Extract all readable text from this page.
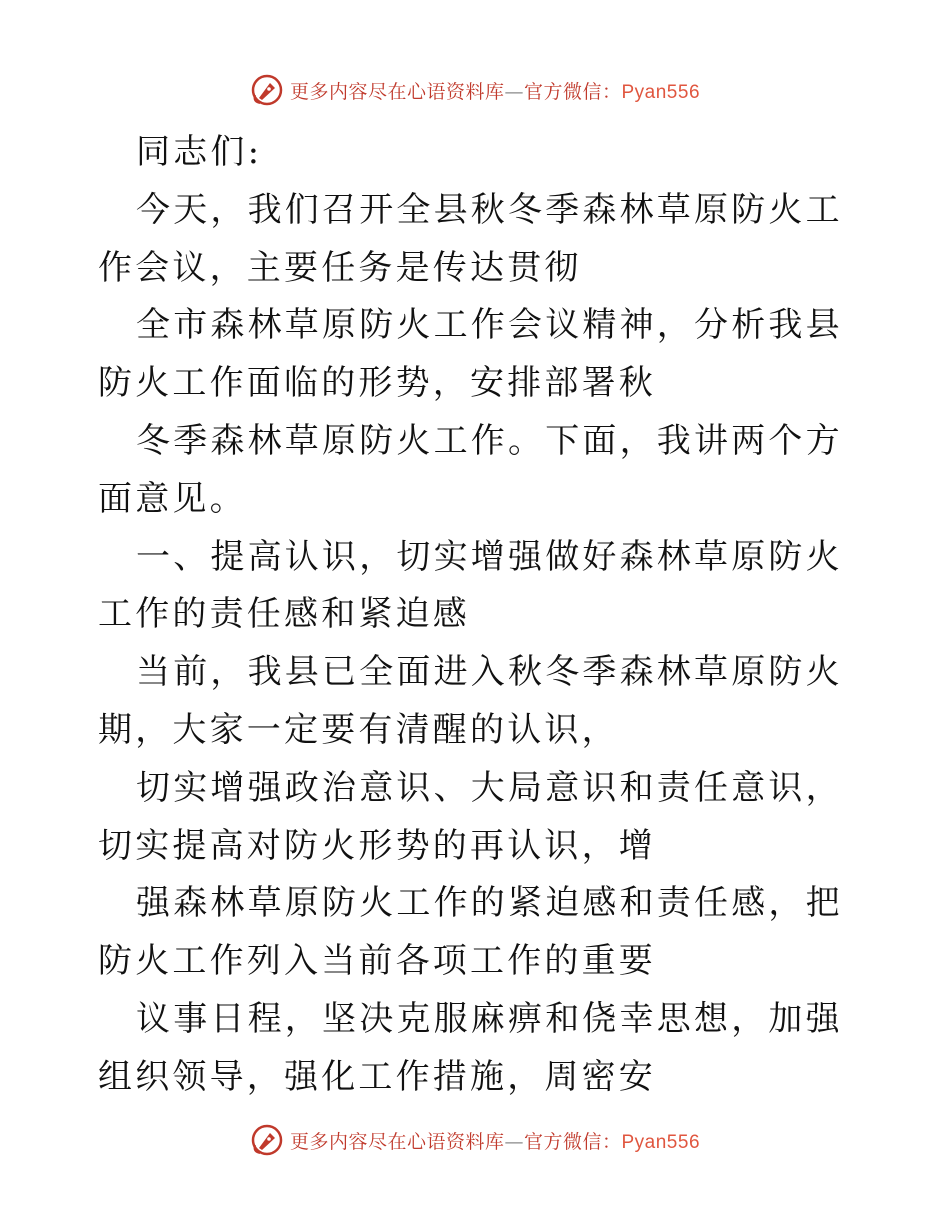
更多内容尽在心语资料库—官方微信：Pyan556

同志们:

今天，我们召开全县秋冬季森林草原防火工作会议，主要任务是传达贯彻

全市森林草原防火工作会议精神，分析我县防火工作面临的形势，安排部署秋

冬季森林草原防火工作。下面，我讲两个方面意见。

一、提高认识，切实增强做好森林草原防火工作的责任感和紧迫感

当前，我县已全面进入秋冬季森林草原防火期，大家一定要有清醒的认识，

切实增强政治意识、大局意识和责任意识，切实提高对防火形势的再认识，增

强森林草原防火工作的紧迫感和责任感，把防火工作列入当前各项工作的重要

议事日程，坚决克服麻痹和侥幸思想，加强组织领导，强化工作措施，周密安

更多内容尽在心语资料库—官方微信：Pyan556
